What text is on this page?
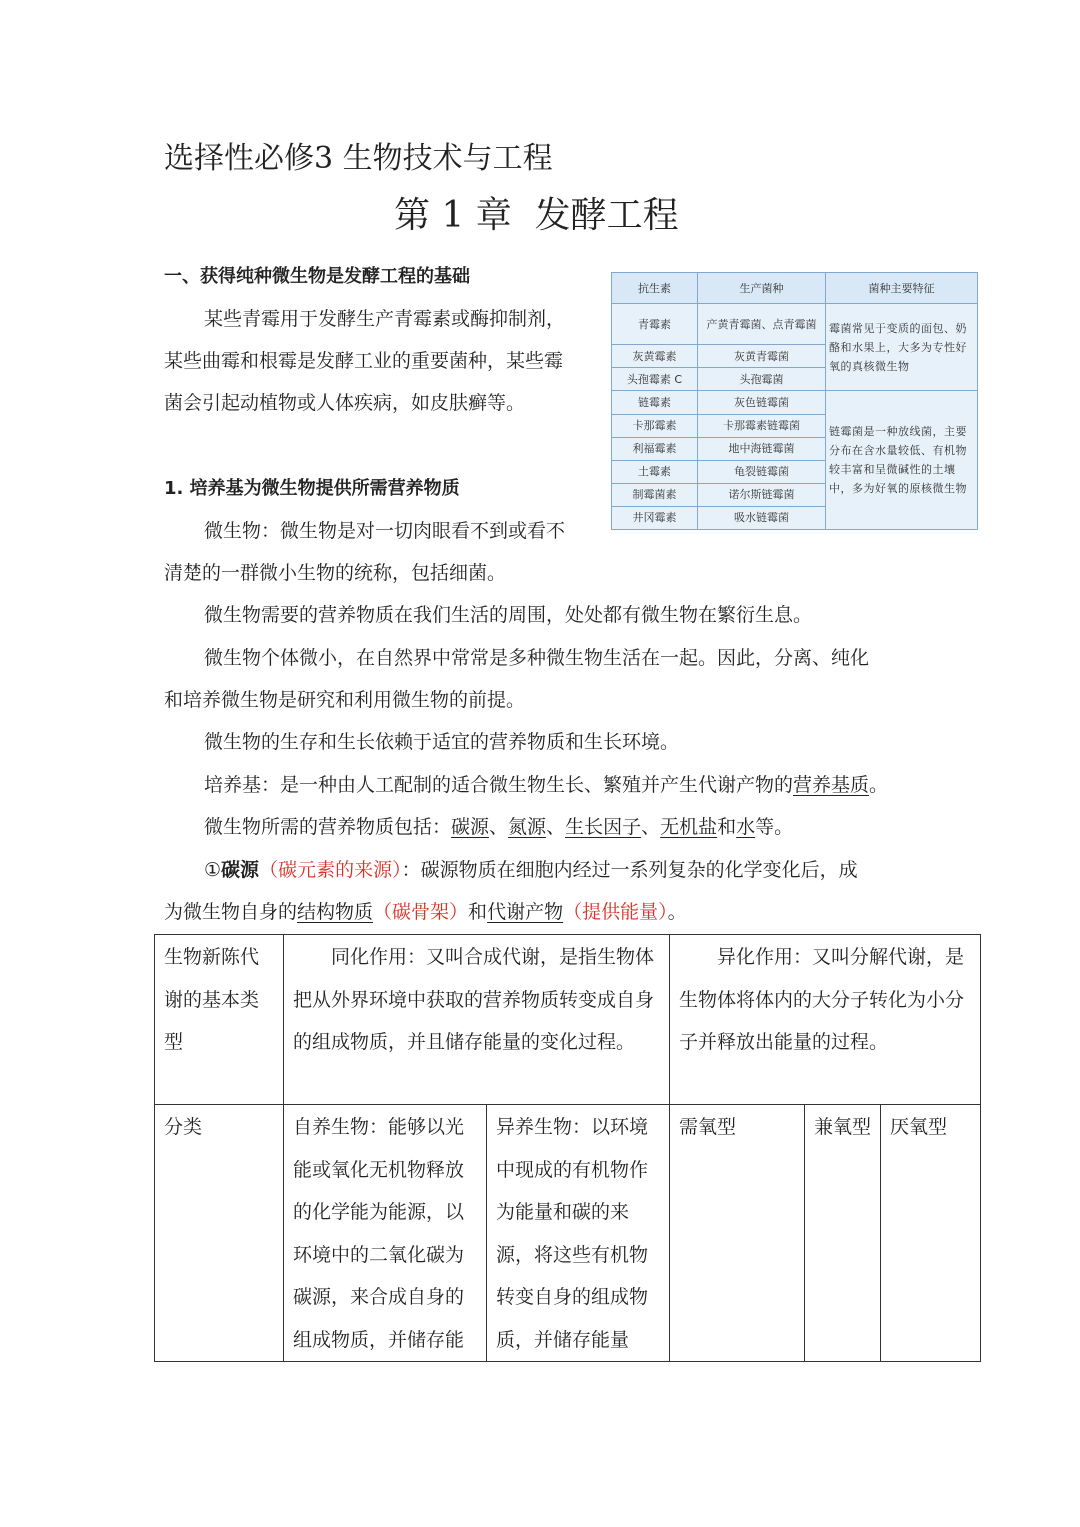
选择性必修3 生物技术与工程
第 1 章  发酵工程
一、获得纯种微生物是发酵工程的基础
某些青霉用于发酵生产青霉素或酶抑制剂，
某些曲霉和根霉是发酵工业的重要菌种，某些霉
菌会引起动植物或人体疾病，如皮肤癣等。
抗生素	生产菌种	菌种主要特征
青霉素	产黄青霉菌、点青霉菌	霉菌常见于变质的面包、奶酪和水果上，大多为专性好氧的真核微生物
灰黄霉素	灰黄青霉菌	
头孢霉素 C	头孢霉菌	
链霉素	灰色链霉菌	链霉菌是一种放线菌，主要分布在含水量较低、有机物较丰富和呈微碱性的土壤中，多为好氧的原核微生物
卡那霉素	卡那霉素链霉菌	
利福霉素	地中海链霉菌	
土霉素	龟裂链霉菌	
制霉菌素	诺尔斯链霉菌	
井冈霉素	吸水链霉菌	
1. 培养基为微生物提供所需营养物质
微生物：微生物是对一切肉眼看不到或看不
清楚的一群微小生物的统称，包括细菌。
微生物需要的营养物质在我们生活的周围，处处都有微生物在繁衍生息。
微生物个体微小，在自然界中常常是多种微生物生活在一起。因此，分离、纯化
和培养微生物是研究和利用微生物的前提。
微生物的生存和生长依赖于适宜的营养物质和生长环境。
培养基：是一种由人工配制的适合微生物生长、繁殖并产生代谢产物的营养基质。
微生物所需的营养物质包括：碳源、氮源、生长因子、无机盐和水等。
①碳源（碳元素的来源）：碳源物质在细胞内经过一系列复杂的化学变化后，成
为微生物自身的结构物质（碳骨架）和代谢产物（提供能量）。
生物新陈代谢的基本类型	同化作用：又叫合成代谢，是指生物体把从外界环境中获取的营养物质转变成自身的组成物质，并且储存能量的变化过程。		异化作用：又叫分解代谢，是生物体将体内的大分子转化为小分子并释放出能量的过程。		
分类	自养生物：能够以光能或氧化无机物释放的化学能为能源，以环境中的二氧化碳为碳源，来合成自身的组成物质，并储存能	异养生物：以环境中现成的有机物作为能量和碳的来源，将这些有机物转变自身的组成物质，并储存能量	需氧型	兼氧型	厌氧型
